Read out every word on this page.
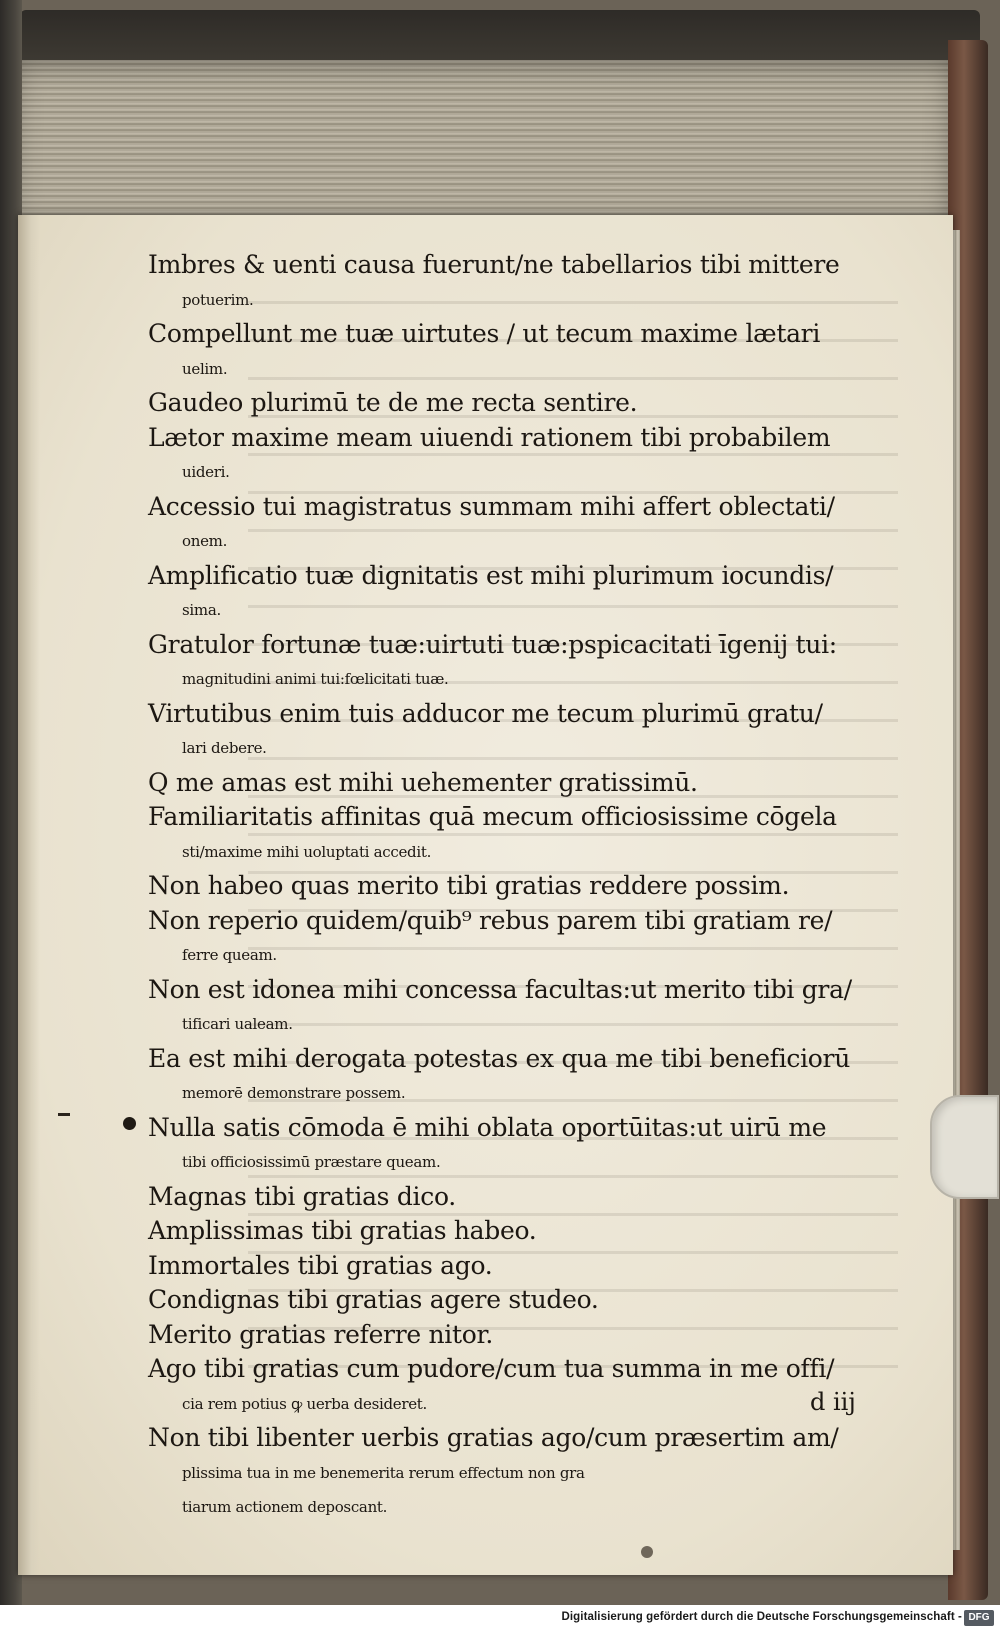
Imbres & uenti causa fuerunt/ne tabellarios tibi mittere
potuerim.
Compellunt me tuæ uirtutes / ut tecum maxime lætari
uelim.
Gaudeo plurimū te de me recta sentire.
Lætor maxime meam uiuendi rationem tibi probabilem
uideri.
Accessio tui magistratus summam mihi affert oblectati/
onem.
Amplificatio tuæ dignitatis est mihi plurimum iocundis/
sima.
Gratulor fortunæ tuæ:uirtuti tuæ:pspicacitati īgenij tui:
magnitudini animi tui:fœlicitati tuæ.
Virtutibus enim tuis adducor me tecum plurimū gratu/
lari debere.
Q me amas est mihi uehementer gratissimū.
Familiaritatis affinitas quā mecum officiosissime cōgela
sti/maxime mihi uoluptati accedit.
Non habeo quas merito tibi gratias reddere possim.
Non reperio quidem/quib⁹ rebus parem tibi gratiam re/
ferre queam.
Non est idonea mihi concessa facultas:ut merito tibi gra/
tificari ualeam.
Ea est mihi derogata potestas ex qua me tibi beneficiorū
memorē demonstrare possem.
Nulla satis cōmoda ē mihi oblata oportūitas:ut uirū me
tibi officiosissimū præstare queam.
Magnas tibi gratias dico.
Amplissimas tibi gratias habeo.
Immortales tibi gratias ago.
Condignas tibi gratias agere studeo.
Merito gratias referre nitor.
Ago tibi gratias cum pudore/cum tua summa in me offi/
cia rem potius ꝙ uerba desideret.
Non tibi libenter uerbis gratias ago/cum præsertim am/
plissima tua in me benemerita rerum effectum non gra
tiarum actionem deposcant.
d iij
Digitalisierung gefördert durch die Deutsche Forschungsgemeinschaft - DFG
